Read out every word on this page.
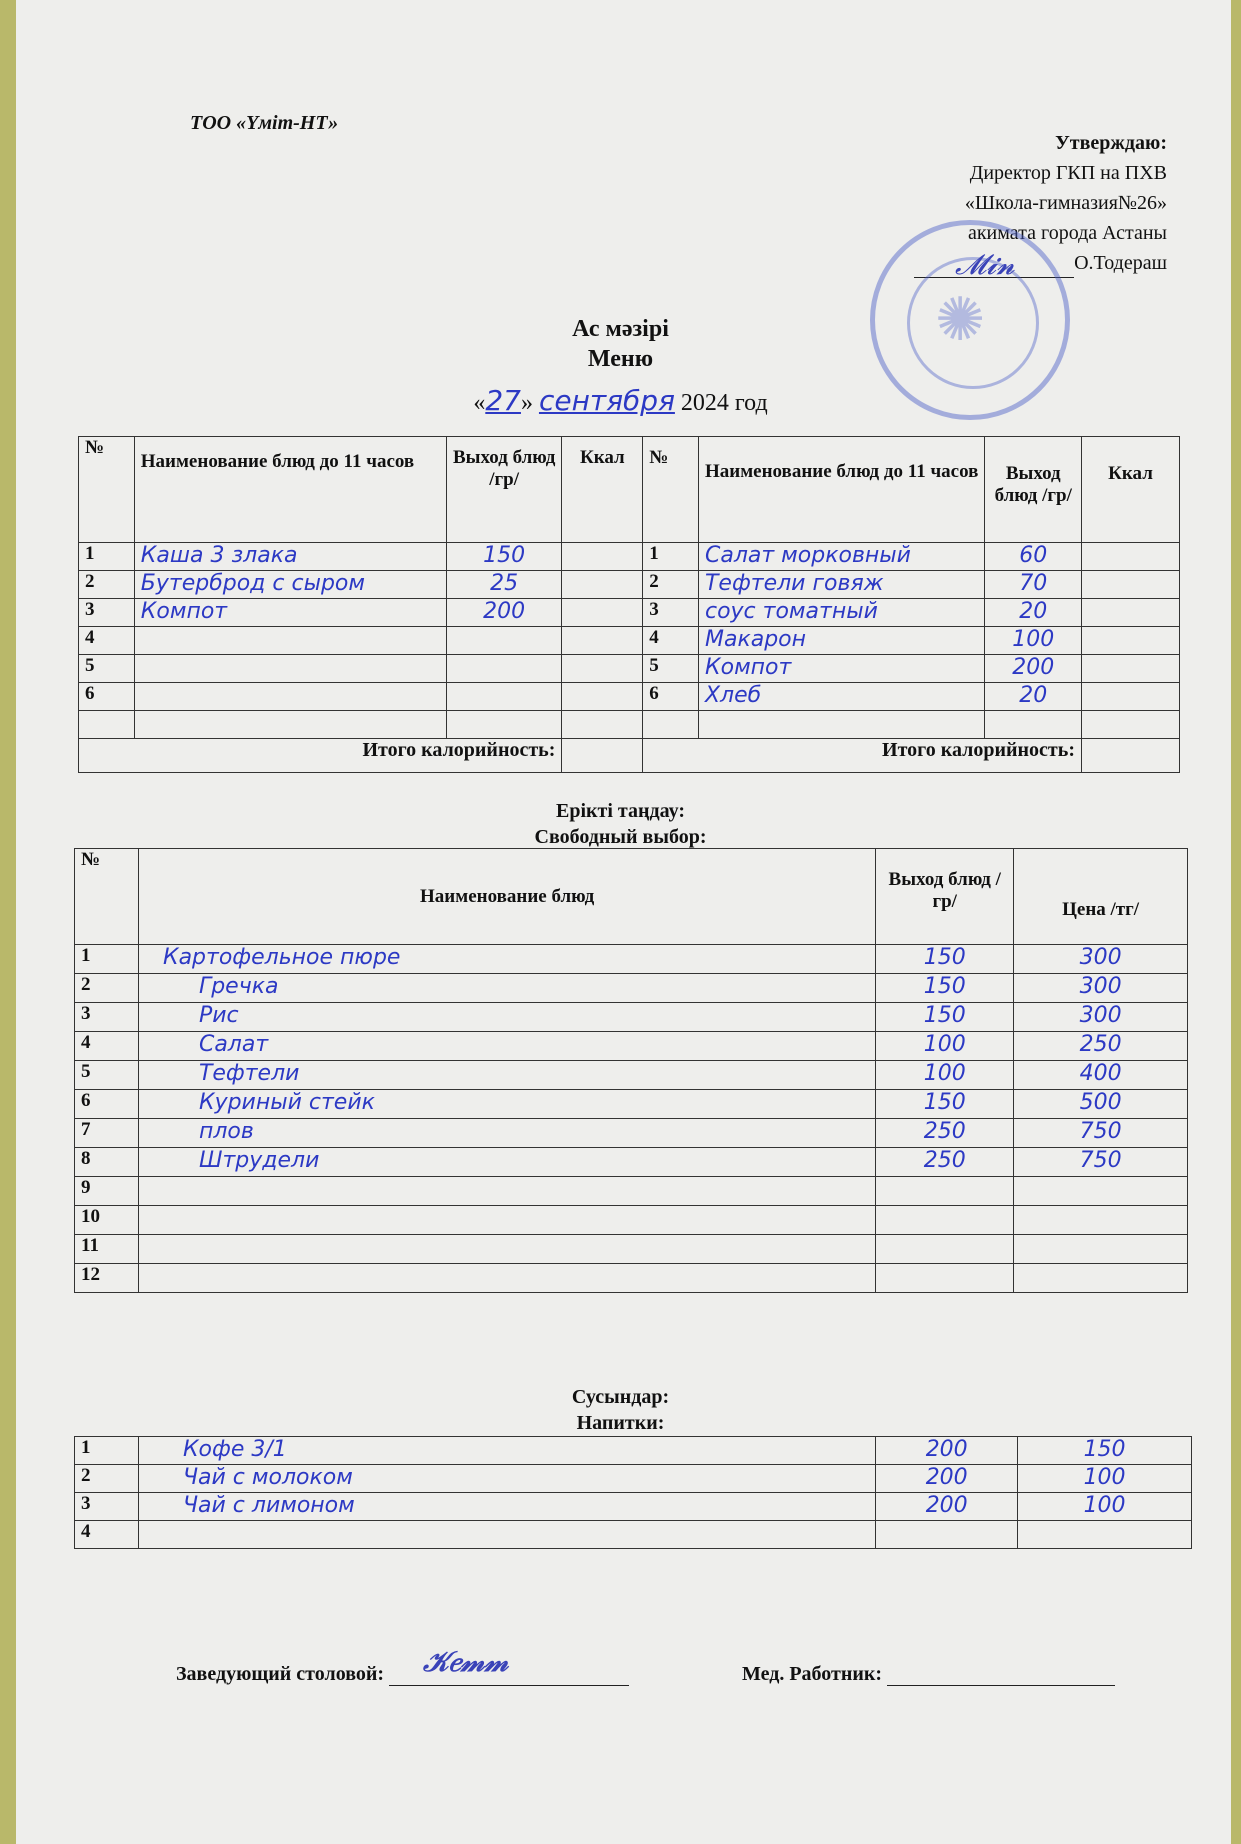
ТОО «Үміт-НТ»
Утверждаю:
Директор ГКП на ПХВ
«Школа-гимназия№26»
акимата города Астаны
О.Тодераш
✺
𝓜𝓲𝓷
Ас мәзірі
Меню
«27» сентября 2024 год
№	Наименование блюд до 11 часов	Выход блюд /гр/	Ккал	№	Наименование блюд до 11 часов	Выход блюд /гр/	Ккал
1	Каша 3 злака	150		1	Салат морковный	60	
2	Бутерброд с сыром	25		2	Тефтели говяж	70	
3	Компот	200		3	соус томатный	20	
4				4	Макарон	100	
5				5	Компот	200	
6				6	Хлеб	20	

Итого калорийность:				Итого калорийность:			
Ерікті таңдау:
Свободный выбор:
№	Наименование блюд	Выход блюд /гр/	Цена /тг/
1	Картофельное пюре	150	300
2	Гречка	150	300
3	Рис	150	300
4	Салат	100	250
5	Тефтели	100	400
6	Куриный стейк	150	500
7	плов	250	750
8	Штрудели	250	750
9			
10			
11			
12			
Сусындар:
Напитки:
1	Кофе 3/1	200	150
2	Чай с молоком	200	100
3	Чай с лимоном	200	100
4			
Заведующий столовой: 𝒦𝑒𝓂𝓂	Мед. Работник:
